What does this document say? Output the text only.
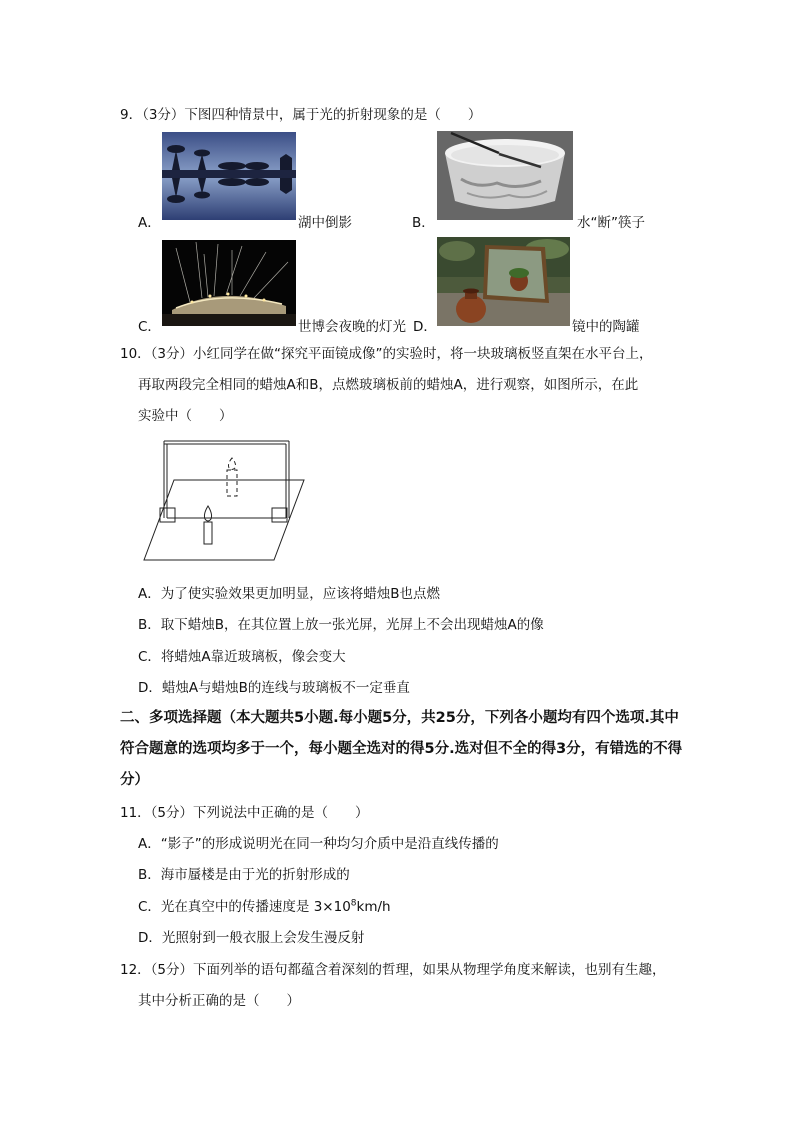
9．（3分）下图四种情景中，属于光的折射现象的是（　　）
A．	湖中倒影	B．	水“断”筷子
C．	世博会夜晚的灯光 D．	镜中的陶罐
10．（3分）小红同学在做“探究平面镜成像”的实验时，将一块玻璃板竖直架在水平台上，
再取两段完全相同的蜡烛A和B，点燃玻璃板前的蜡烛A，进行观察，如图所示，在此
实验中（　　）
A．为了使实验效果更加明显，应该将蜡烛B也点燃
B．取下蜡烛B，在其位置上放一张光屏，光屏上不会出现蜡烛A的像
C．将蜡烛A靠近玻璃板，像会变大
D．蜡烛A与蜡烛B的连线与玻璃板不一定垂直
二、多项选择题（本大题共5小题.每小题5分，共25分，下列各小题均有四个选项.其中
符合题意的选项均多于一个，每小题全选对的得5分.选对但不全的得3分，有错选的不得
分）
11．（5分）下列说法中正确的是（　　）
A．“影子”的形成说明光在同一种均匀介质中是沿直线传播的
B．海市蜃楼是由于光的折射形成的
C．光在真空中的传播速度是 $3\times 10^8km/h$
D．光照射到一般衣服上会发生漫反射
12．（5分）下面列举的语句都蕴含着深刻的哲理，如果从物理学角度来解读，也别有生趣，
其中分析正确的是（　　）
